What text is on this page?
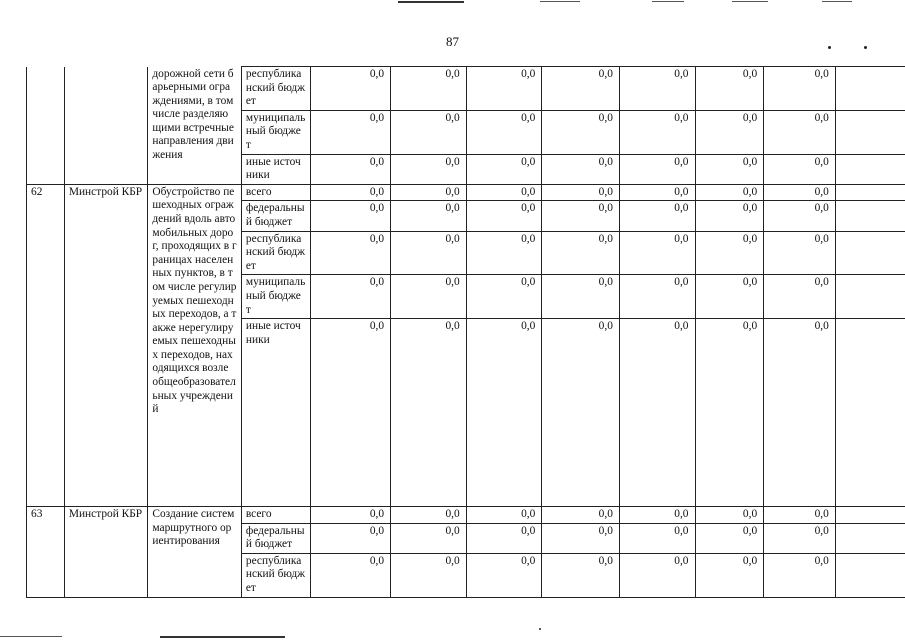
87
		дорожной сети барьерными ограждениями, в том числе разделяющими встречные направления движения	республиканский бюджет	0,0	0,0	0,0	0,0	0,0	0,0	0,0	
			муниципальный бюджет	0,0	0,0	0,0	0,0	0,0	0,0	0,0	
			иные источники	0,0	0,0	0,0	0,0	0,0	0,0	0,0	
62	Минстрой КБР	Обустройство пешеходных ограждений вдоль автомобильных дорог, проходящих в границах населенных пунктов, в том числе регулируемых пешеходных переходов, а также нерегулируемых пешеходных переходов, находящихся возле общеобразовательных учреждений	всего	0,0	0,0	0,0	0,0	0,0	0,0	0,0	
			федеральный бюджет	0,0	0,0	0,0	0,0	0,0	0,0	0,0	
			республиканский бюджет	0,0	0,0	0,0	0,0	0,0	0,0	0,0	
			муниципальный бюджет	0,0	0,0	0,0	0,0	0,0	0,0	0,0	
			иные источники	0,0	0,0	0,0	0,0	0,0	0,0	0,0	
63	Минстрой КБР	Создание систем маршрутного ориентирования	всего	0,0	0,0	0,0	0,0	0,0	0,0	0,0	
			федеральный бюджет	0,0	0,0	0,0	0,0	0,0	0,0	0,0	
			республиканский бюджет	0,0	0,0	0,0	0,0	0,0	0,0	0,0	
